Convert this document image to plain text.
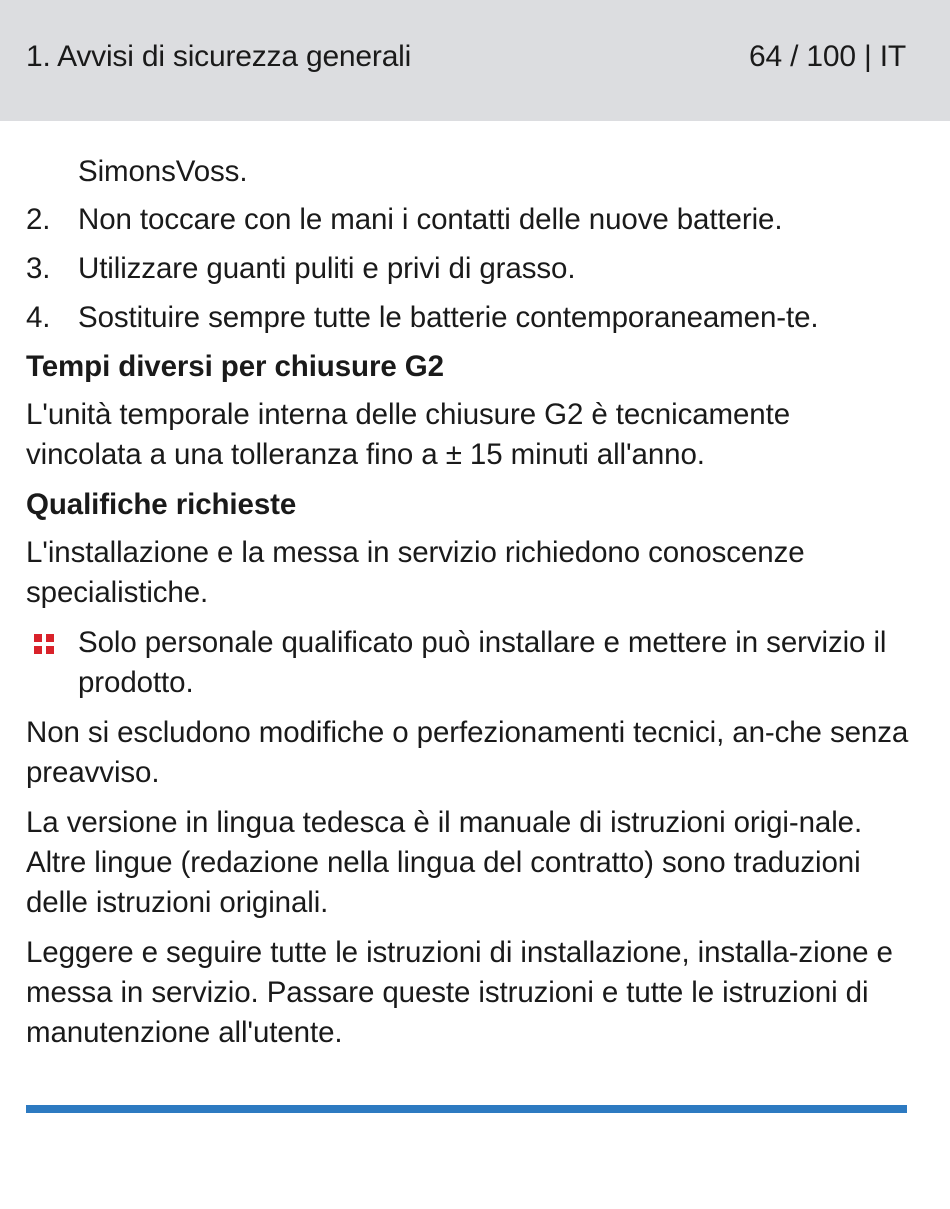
1. Avvisi di sicurezza generali	64 / 100 | IT
SimonsVoss.
2. Non toccare con le mani i contatti delle nuove batterie.
3. Utilizzare guanti puliti e privi di grasso.
4. Sostituire sempre tutte le batterie contemporaneamen-te.
Tempi diversi per chiusure G2
L'unità temporale interna delle chiusure G2 è tecnicamente vincolata a una tolleranza fino a ± 15 minuti all'anno.
Qualifiche richieste
L'installazione e la messa in servizio richiedono conoscenze specialistiche.
Solo personale qualificato può installare e mettere in servizio il prodotto.
Non si escludono modifiche o perfezionamenti tecnici, an-che senza preavviso.
La versione in lingua tedesca è il manuale di istruzioni origi-nale. Altre lingue (redazione nella lingua del contratto) sono traduzioni delle istruzioni originali.
Leggere e seguire tutte le istruzioni di installazione, installa-zione e messa in servizio. Passare queste istruzioni e tutte le istruzioni di manutenzione all'utente.
